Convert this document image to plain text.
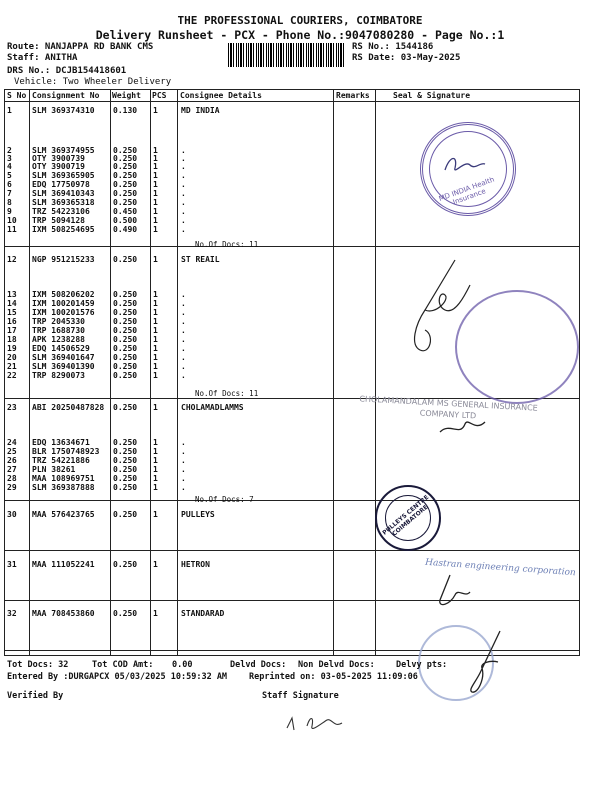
THE PROFESSIONAL COURIERS, COIMBATORE
Delivery Runsheet - PCX - Phone No.:9047080280 - Page No.:1
Route: NANJAPPA RD BANK CMS
Staff: ANITHA
DRS No.: DCJB154418601
Vehicle: Two Wheeler Delivery
RS No.: 1544186
RS Date: 03-May-2025
S No Consignment No Weight PCS Consignee Details	Remarks	Seal & Signature
1	SLM 369374310 0.130 1	MD INDIA
2	SLM 369374955 0.250 1	.
3	OTY 3900739	0.250 1	.
4	OTY 3900719	0.250 1	.
5	SLM 369365905 0.250 1	.
6	EDQ 17750978	0.250 1	.
7	SLM 369410343 0.250 1	.
8	SLM 369365318 0.250 1	.
9	TRZ 54223106	0.450 1	.
10 TRP 5094128	0.500 1	.
11 IXM 508254695 0.490 1	.
12 NGP 951215233 0.250 1	ST REAIL
13 IXM 508206202 0.250 1	.
14 IXM 100201459 0.250 1	.
15 IXM 100201576 0.250 1	.
16 TRP 2045330	0.250 1	.
17 TRP 1688730	0.250 1	.
18 APK 1238288	0.250 1	.
19 EDQ 14506529	0.250 1	.
20 SLM 369401647 0.250 1	.
21 SLM 369401390 0.250 1	.
22 TRP 8290073	0.250 1	.
23 ABI 20250487828 0.250 1	CHOLAMADLAMMS
24 EDQ 13634671	0.250 1	.
25 BLR 1750748923 0.250 1	.
26 TRZ 54221886	0.250 1	.
27 PLN 38261	0.250 1	.
28 MAA 108969751 0.250 1	.
29 SLM 369387888 0.250 1	.
30 MAA 576423765 0.250 1	PULLEYS
31 MAA 111052241 0.250 1	HETRON
32 MAA 708453860 0.250 1	STANDARAD
No.Of Docs: 11
No.Of Docs: 11
No.Of Docs: 7
MD INDIA Health Insurance
CHOLAMANDALAM MS GENERAL INSURANCE COMPANY LTD
PULLEYS CENTRE COIMBATORE
Hastran engineering corporation
Tot Docs: 32	Tot COD Amt: 0.00	Delvd Docs: Non Delvd Docs: Delvy pts:
Entered By :DURGAPCX 05/03/2025 10:59:32 AM	Reprinted on: 03-05-2025 11:09:06
Verified By	Staff Signature
